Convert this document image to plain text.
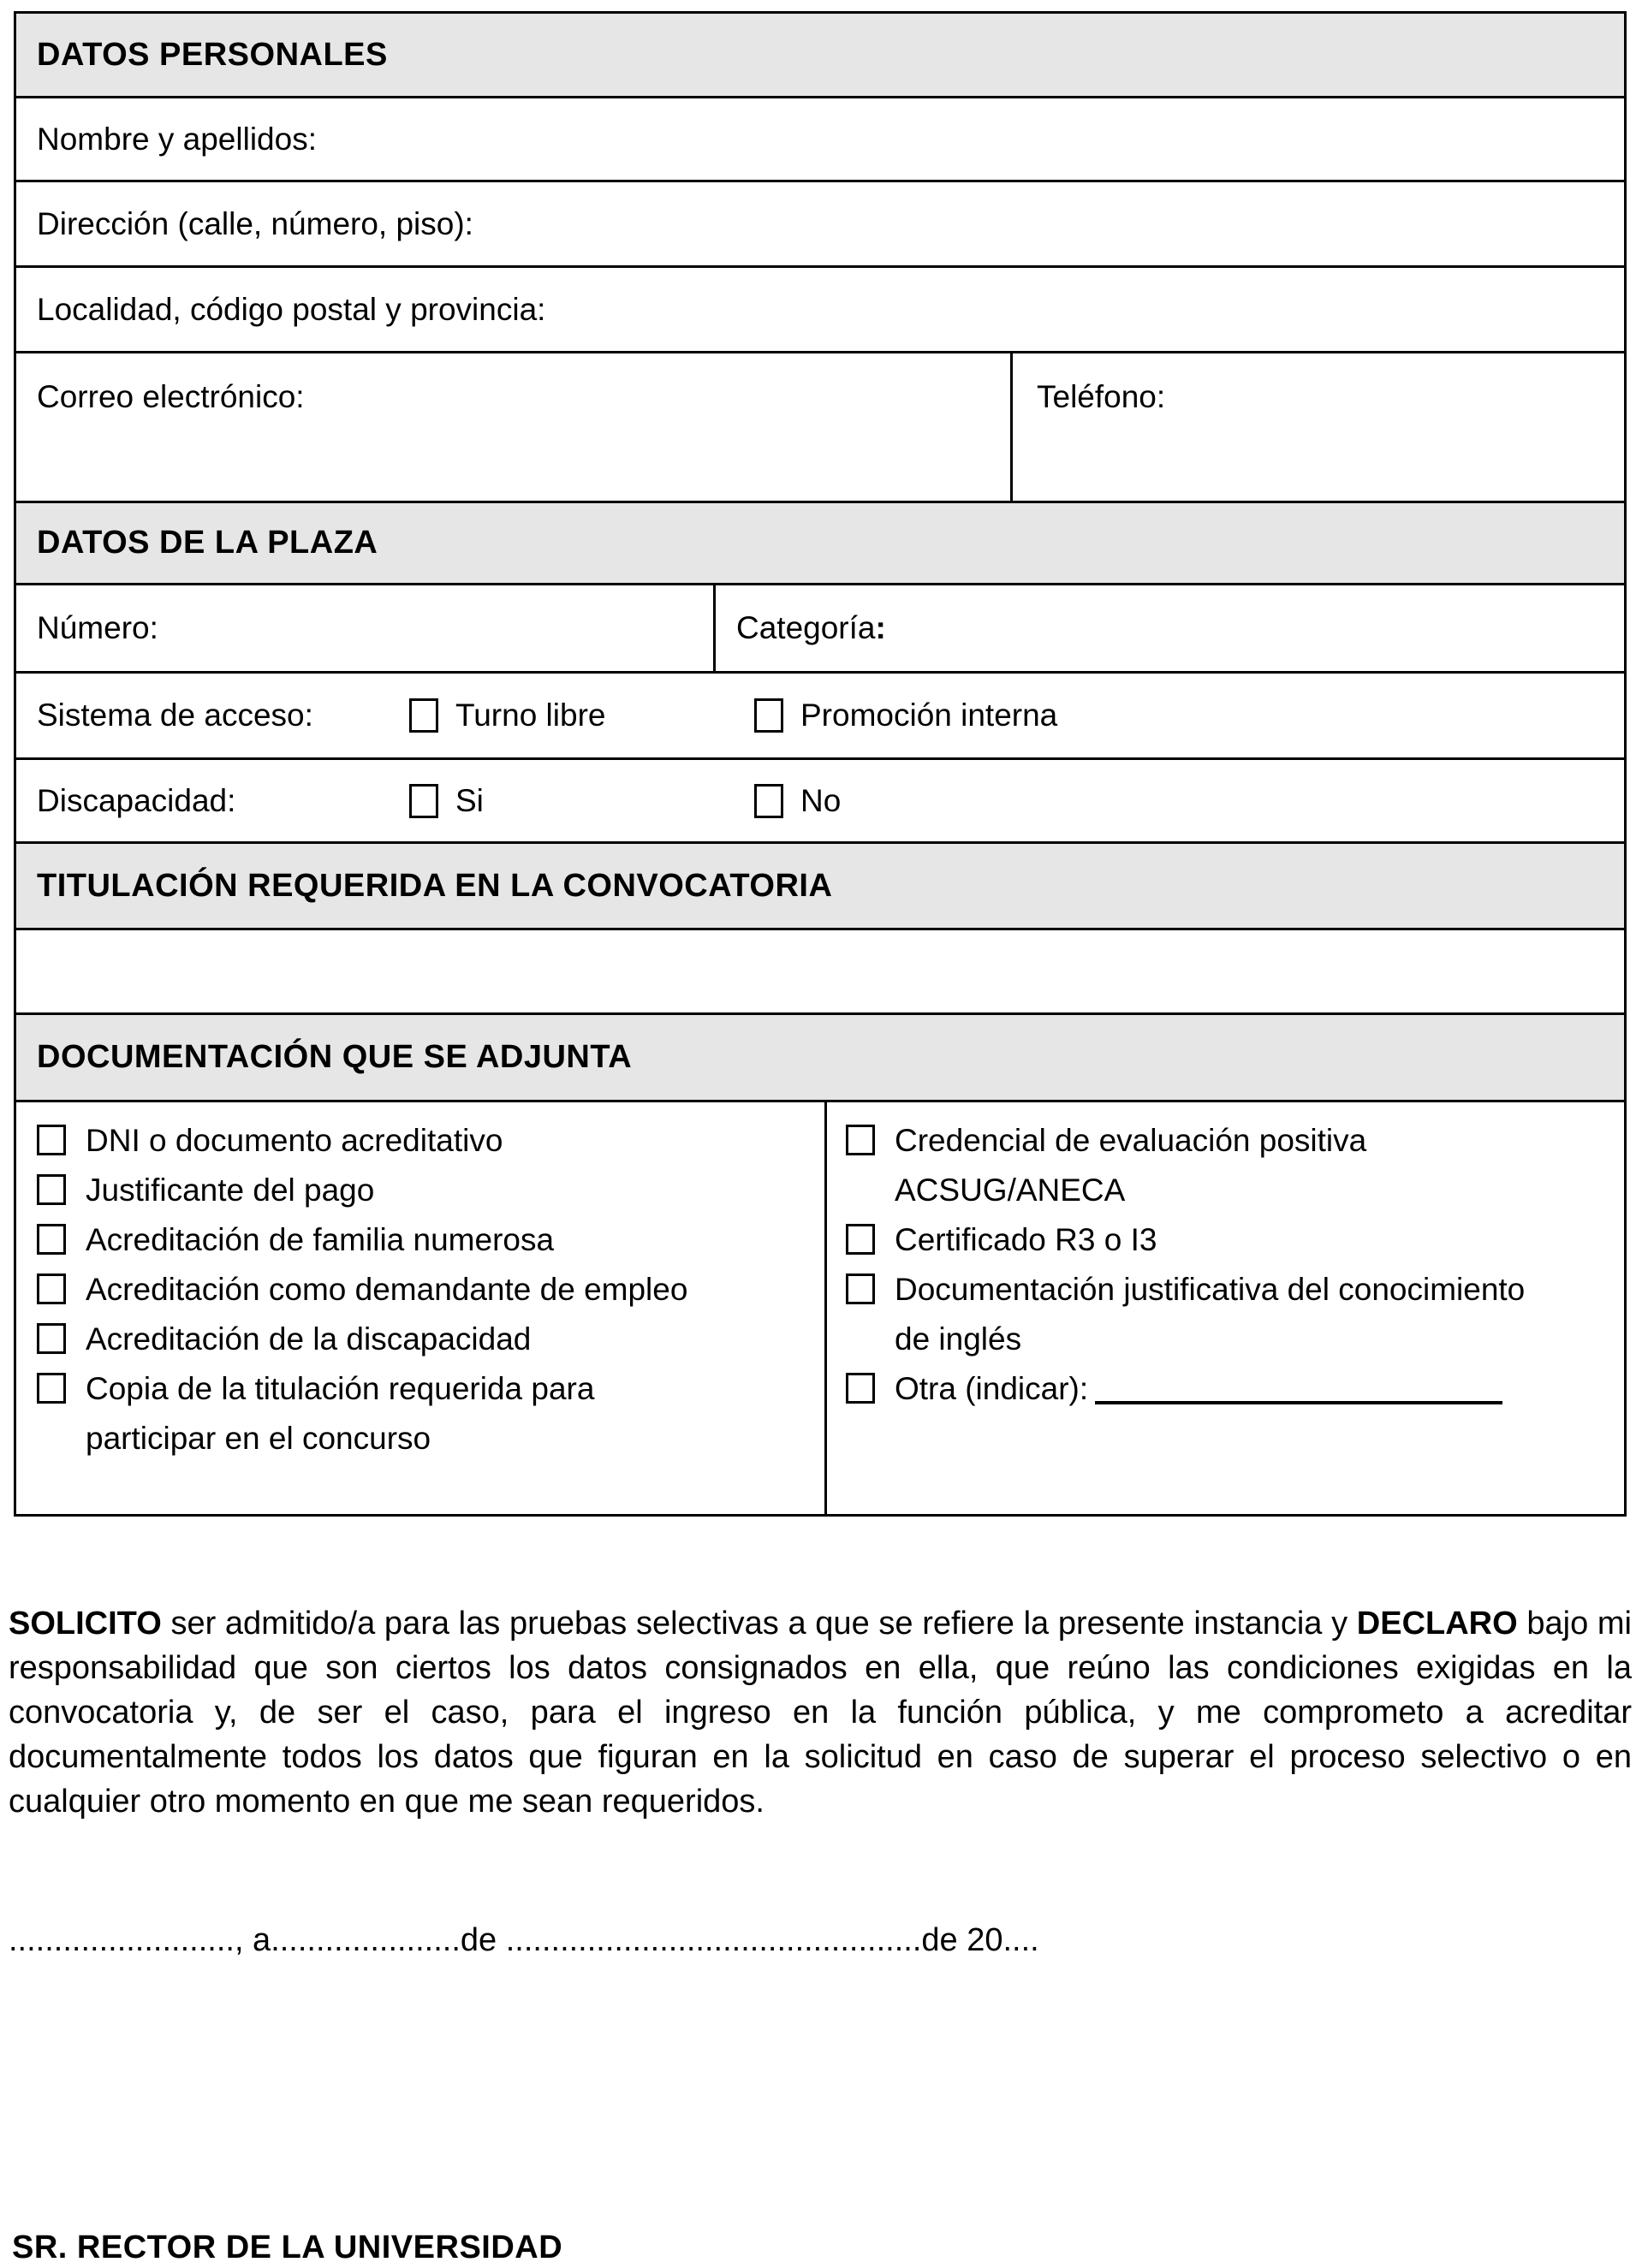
DATOS PERSONALES
Nombre y apellidos:
Dirección (calle, número, piso):
Localidad, código postal y provincia:
Correo electrónico:	Teléfono:
DATOS DE LA PLAZA
Número:	Categoría :
Sistema de acceso:	Turno libre	Promoción interna
Discapacidad:	Si	No
TITULACIÓN REQUERIDA EN LA CONVOCATORIA
DOCUMENTACIÓN QUE SE ADJUNTA
DNI o documento acreditativo
Justificante del pago
Acreditación de familia numerosa
Acreditación como demandante de empleo
Acreditación de la discapacidad
Copia de la titulación requerida para
participar en el concurso
Credencial de evaluación positiva
ACSUG/ANECA
Certificado R3 o I3
Documentación justificativa del conocimiento
de inglés
Otra (indicar):
SOLICITO ser admitido/a para las pruebas selectivas a que se refiere la presente instancia y DECLARO bajo mi responsabilidad que son ciertos los datos consignados en ella, que reúno las condiciones exigidas en la convocatoria y, de ser el caso, para el ingreso en la función pública, y me comprometo a acreditar documentalmente todos los datos que figuran en la solicitud en caso de superar el proceso selectivo o en cualquier otro momento en que me sean requeridos.
........................., a.....................de ..............................................de 20....
SR. RECTOR DE LA UNIVERSIDAD
